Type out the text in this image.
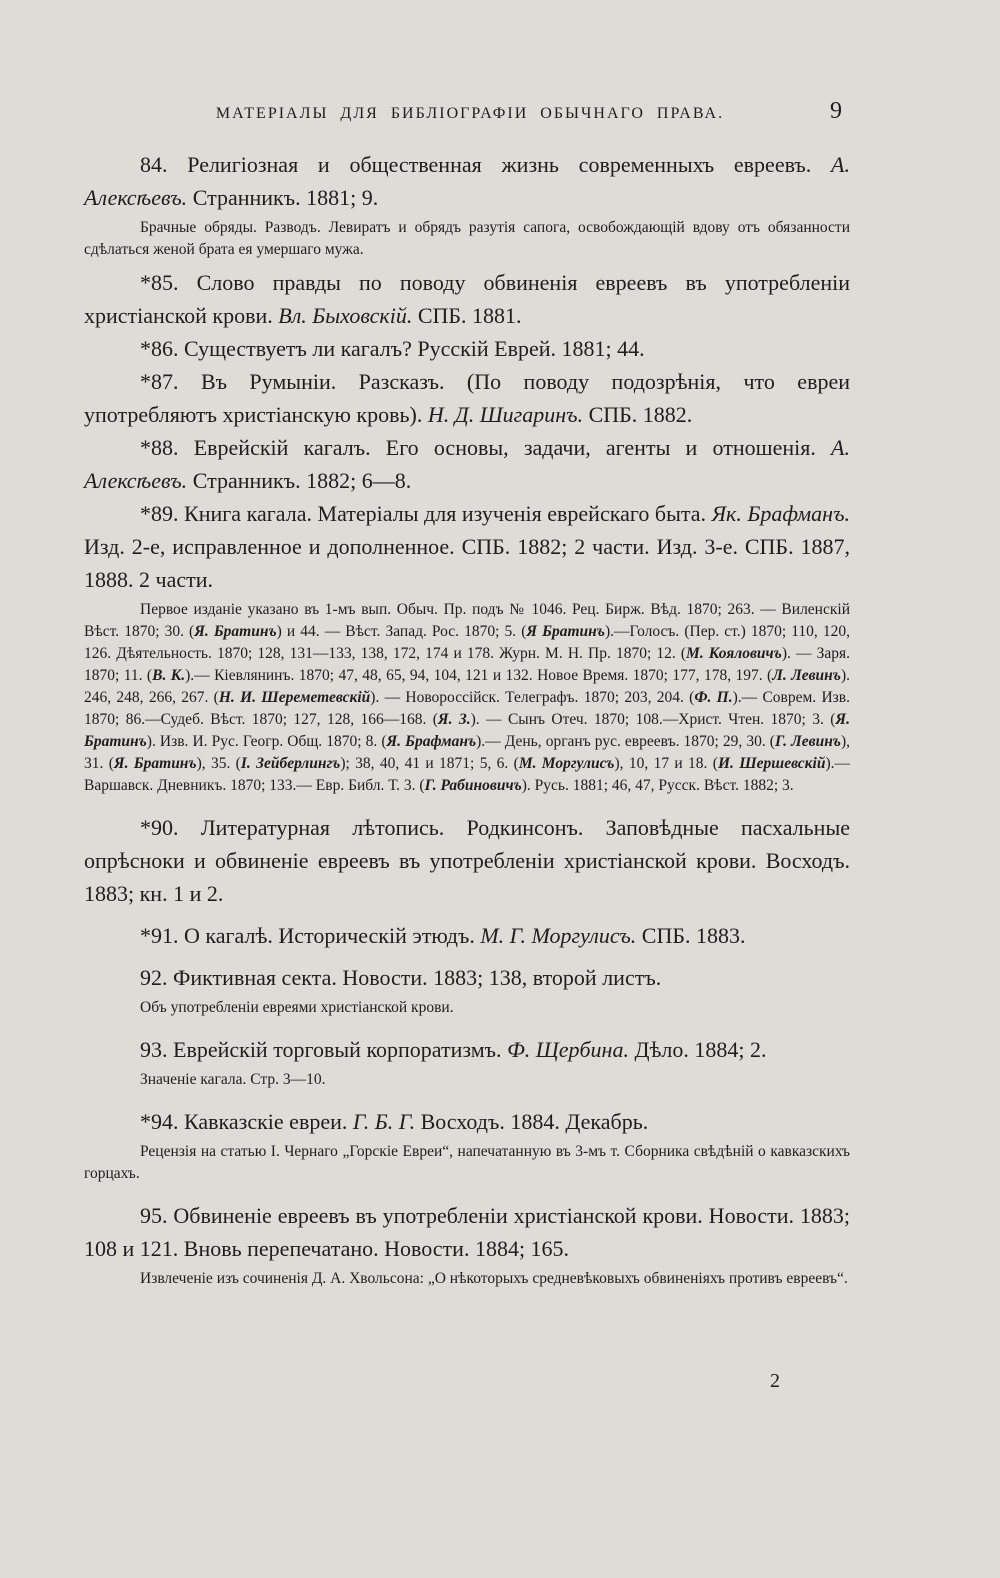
МАТЕРІАЛЫ ДЛЯ БИБЛІОГРАФІИ ОБЫЧНАГО ПРАВА.	9

84. Религіозная и общественная жизнь современныхъ евреевъ. А. Алексѣевъ. Странникъ. 1881; 9.

Брачные обряды. Разводъ. Левиратъ и обрядъ разутія сапога, освобождающій вдову отъ обязанности сдѣлаться женой брата ея умершаго мужа.

*85. Слово правды по поводу обвиненія евреевъ въ употребленіи христіанской крови. Вл. Быховскій. СПБ. 1881.

*86. Существуетъ ли кагалъ? Русскій Еврей. 1881; 44.

*87. Въ Румыніи. Разсказъ. (По поводу подозрѣнія, что евреи употребляютъ христіанскую кровь). Н. Д. Шигаринъ. СПБ. 1882.

*88. Еврейскій кагалъ. Его основы, задачи, агенты и отношенія. А. Алексѣевъ. Странникъ. 1882; 6—8.

*89. Книга кагала. Матеріалы для изученія еврейскаго быта. Як. Брафманъ. Изд. 2-е, исправленное и дополненное. СПБ. 1882; 2 части. Изд. 3-е. СПБ. 1887, 1888. 2 части.

Первое изданіе указано въ 1-мъ вып. Обыч. Пр. подъ № 1046. Рец. Бирж. Вѣд. 1870; 263. — Виленскій Вѣст. 1870; 30. (Я. Братинъ) и 44. — Вѣст. Запад. Рос. 1870; 5. (Я Братинъ).—Голосъ. (Пер. ст.) 1870; 110, 120, 126. Дѣятельность. 1870; 128, 131—133, 138, 172, 174 и 178. Журн. М. Н. Пр. 1870; 12. (М. Кояловичъ). — Заря. 1870; 11. (В. К.).— Кіевлянинъ. 1870; 47, 48, 65, 94, 104, 121 и 132. Новое Время. 1870; 177, 178, 197. (Л. Левинъ). 246, 248, 266, 267. (Н. И. Шереметевскій). — Новороссійск. Телеграфъ. 1870; 203, 204. (Ф. П.).— Соврем. Изв. 1870; 86.—Судеб. Вѣст. 1870; 127, 128, 166—168. (Я. З.). — Сынъ Отеч. 1870; 108.—Христ. Чтен. 1870; 3. (Я. Братинъ). Изв. И. Рус. Геогр. Общ. 1870; 8. (Я. Брафманъ).— День, органъ рус. евреевъ. 1870; 29, 30. (Г. Левинъ), 31. (Я. Братинъ), 35. (I. Зейберлингъ); 38, 40, 41 и 1871; 5, 6. (М. Моргулисъ), 10, 17 и 18. (И. Шершевскій).— Варшавск. Дневникъ. 1870; 133.— Евр. Библ. Т. 3. (Г. Рабиновичъ). Русь. 1881; 46, 47, Русск. Вѣст. 1882; 3.

*90. Литературная лѣтопись. Родкинсонъ. Заповѣдные пасхальные опрѣсноки и обвиненіе евреевъ въ употребленіи христіанской крови. Восходъ. 1883; кн. 1 и 2.

*91. О кагалѣ. Историческій этюдъ. М. Г. Моргулисъ. СПБ. 1883.

92. Фиктивная секта. Новости. 1883; 138, второй листъ.

Объ употребленіи евреями христіанской крови.

93. Еврейскій торговый корпоратизмъ. Ф. Щербина. Дѣло. 1884; 2.

Значеніе кагала. Стр. 3—10.

*94. Кавказскіе евреи. Г. Б. Г. Восходъ. 1884. Декабрь.

Рецензія на статью I. Чернаго „Горскіе Евреи“, напечатанную въ 3-мъ т. Сборника свѣдѣній о кавказскихъ горцахъ.

95. Обвиненіе евреевъ въ употребленіи христіанской крови. Новости. 1883; 108 и 121. Вновь перепечатано. Новости. 1884; 165.

Извлеченіе изъ сочиненія Д. А. Хвольсона: „О нѣкоторыхъ средневѣковыхъ обвиненіяхъ противъ евреевъ“.

2
